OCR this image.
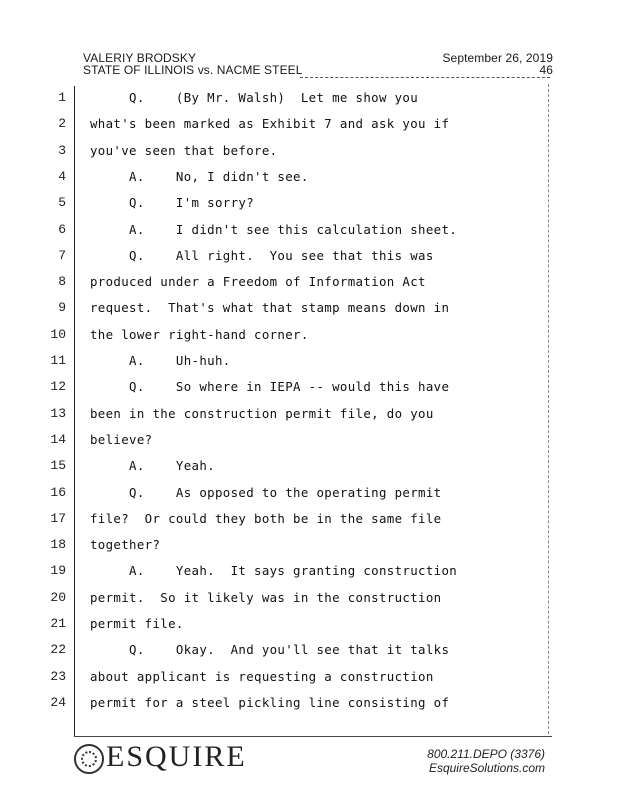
VALERIY BRODSKY
STATE OF ILLINOIS vs. NACME STEEL
September 26, 2019
46
1 Q.    (By Mr. Walsh)  Let me show you
2 what's been marked as Exhibit 7 and ask you if
3 you've seen that before.
4 A.    No, I didn't see.
5 Q.    I'm sorry?
6 A.    I didn't see this calculation sheet.
7 Q.    All right.  You see that this was
8 produced under a Freedom of Information Act
9 request.  That's what that stamp means down in
10 the lower right-hand corner.
11 A.    Uh-huh.
12 Q.    So where in IEPA -- would this have
13 been in the construction permit file, do you
14 believe?
15 A.    Yeah.
16 Q.    As opposed to the operating permit
17 file?  Or could they both be in the same file
18 together?
19 A.    Yeah.  It says granting construction
20 permit.  So it likely was in the construction
21 permit file.
22 Q.    Okay.  And you'll see that it talks
23 about applicant is requesting a construction
24 permit for a steel pickling line consisting of
ESQUIRE	800.211.DEPO (3376)
EsquireSolutions.com
